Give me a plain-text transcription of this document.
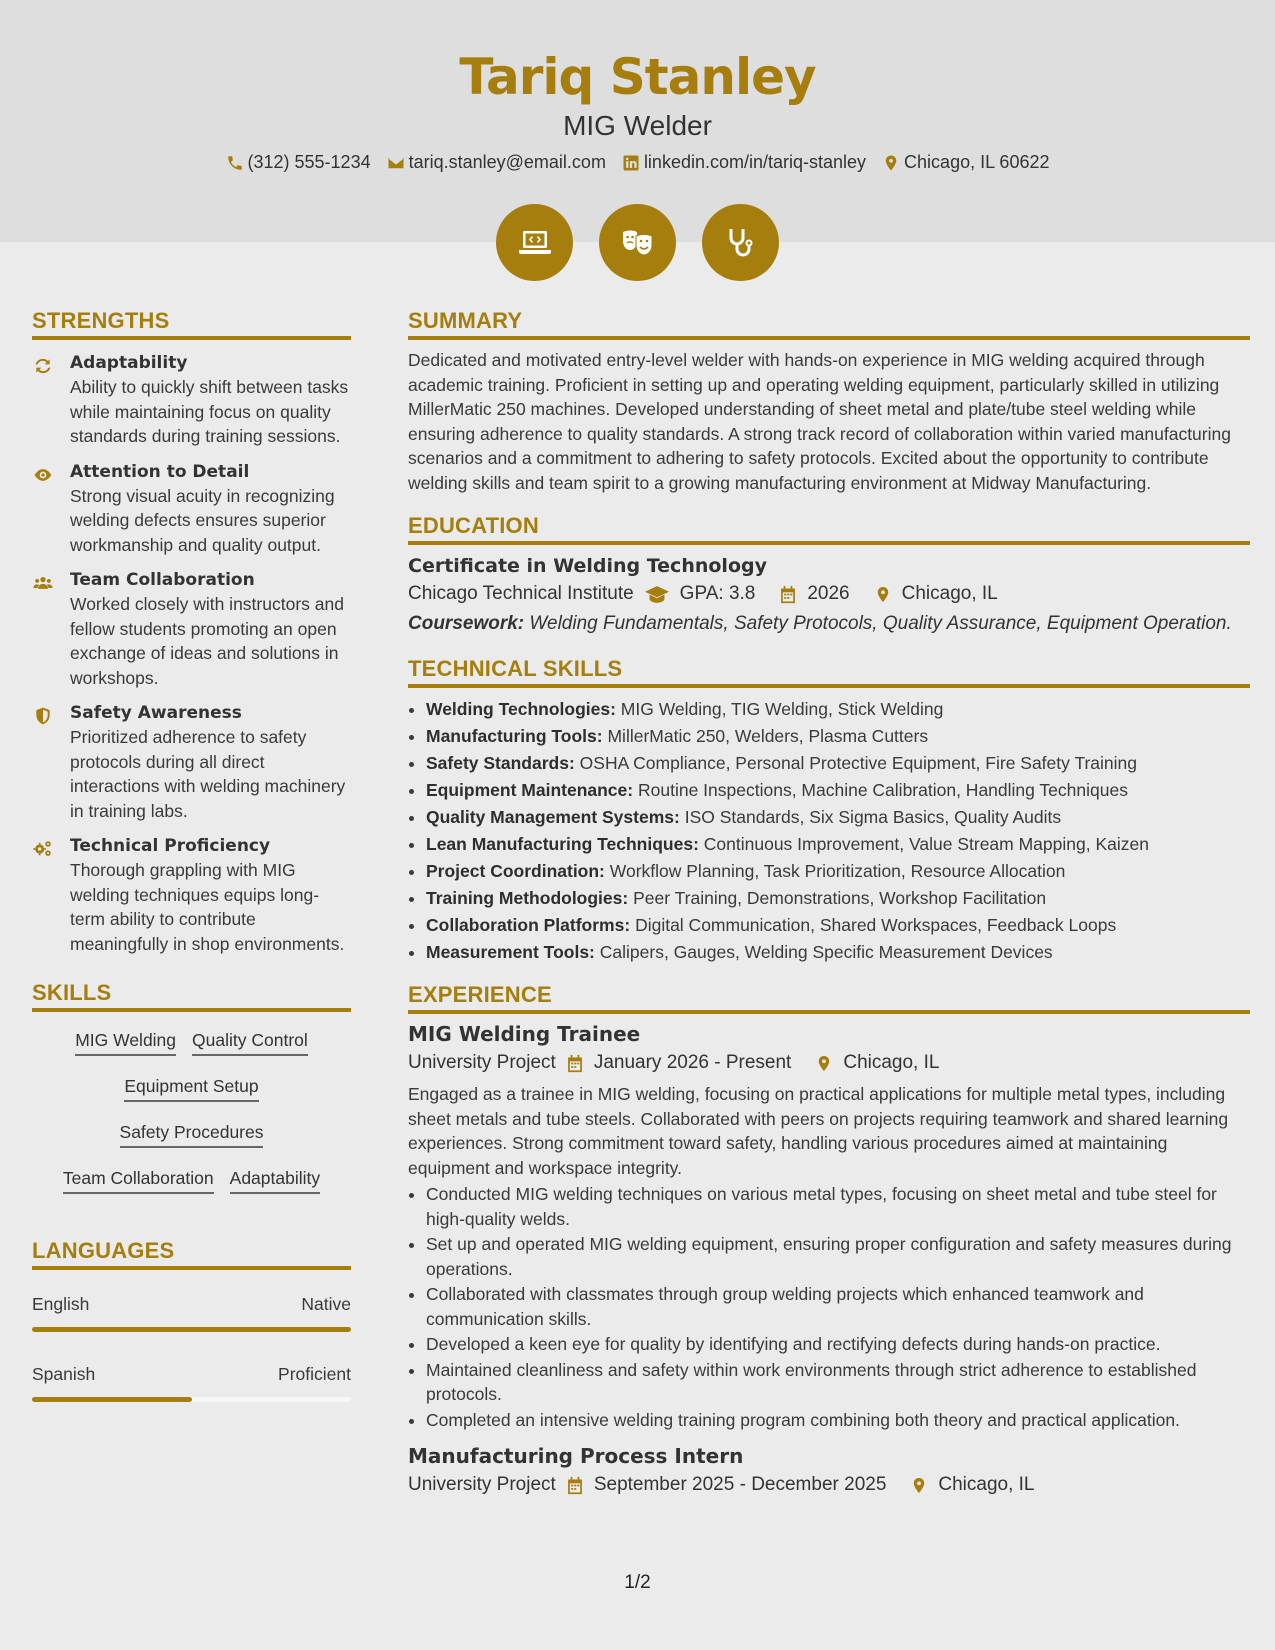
Tariq Stanley
MIG Welder
(312) 555-1234 tariq.stanley@email.com linkedin.com/in/tariq-stanley Chicago, IL 60622
STRENGTHS
Adaptability
Ability to quickly shift between tasks while maintaining focus on quality standards during training sessions.
Attention to Detail
Strong visual acuity in recognizing welding defects ensures superior workmanship and quality output.
Team Collaboration
Worked closely with instructors and fellow students promoting an open exchange of ideas and solutions in workshops.
Safety Awareness
Prioritized adherence to safety protocols during all direct interactions with welding machinery in training labs.
Technical Proficiency
Thorough grappling with MIG welding techniques equips long-term ability to contribute meaningfully in shop environments.
SKILLS
MIG Welding Quality Control
Equipment Setup
Safety Procedures
Team Collaboration Adaptability
LANGUAGES
English	Native
Spanish	Proficient
SUMMARY
Dedicated and motivated entry-level welder with hands-on experience in MIG welding acquired through academic training. Proficient in setting up and operating welding equipment, particularly skilled in utilizing MillerMatic 250 machines. Developed understanding of sheet metal and plate/tube steel welding while ensuring adherence to quality standards. A strong track record of collaboration within varied manufacturing scenarios and a commitment to adhering to safety protocols. Excited about the opportunity to contribute welding skills and team spirit to a growing manufacturing environment at Midway Manufacturing.
EDUCATION
Certificate in Welding Technology
Chicago Technical Institute GPA: 3.8	2026	Chicago, IL
Coursework: Welding Fundamentals, Safety Protocols, Quality Assurance, Equipment Operation.
TECHNICAL SKILLS
• Welding Technologies: MIG Welding, TIG Welding, Stick Welding
• Manufacturing Tools: MillerMatic 250, Welders, Plasma Cutters
• Safety Standards: OSHA Compliance, Personal Protective Equipment, Fire Safety Training
• Equipment Maintenance: Routine Inspections, Machine Calibration, Handling Techniques
• Quality Management Systems: ISO Standards, Six Sigma Basics, Quality Audits
• Lean Manufacturing Techniques: Continuous Improvement, Value Stream Mapping, Kaizen
• Project Coordination: Workflow Planning, Task Prioritization, Resource Allocation
• Training Methodologies: Peer Training, Demonstrations, Workshop Facilitation
• Collaboration Platforms: Digital Communication, Shared Workspaces, Feedback Loops
• Measurement Tools: Calipers, Gauges, Welding Specific Measurement Devices
EXPERIENCE
MIG Welding Trainee
University Project January 2026 - Present	Chicago, IL
Engaged as a trainee in MIG welding, focusing on practical applications for multiple metal types, including sheet metals and tube steels. Collaborated with peers on projects requiring teamwork and shared learning experiences. Strong commitment toward safety, handling various procedures aimed at maintaining equipment and workspace integrity.
• Conducted MIG welding techniques on various metal types, focusing on sheet metal and tube steel for high-quality welds.
• Set up and operated MIG welding equipment, ensuring proper configuration and safety measures during operations.
• Collaborated with classmates through group welding projects which enhanced teamwork and communication skills.
• Developed a keen eye for quality by identifying and rectifying defects during hands-on practice.
• Maintained cleanliness and safety within work environments through strict adherence to established protocols.
• Completed an intensive welding training program combining both theory and practical application.
Manufacturing Process Intern
University Project September 2025 - December 2025	Chicago, IL
1/2
